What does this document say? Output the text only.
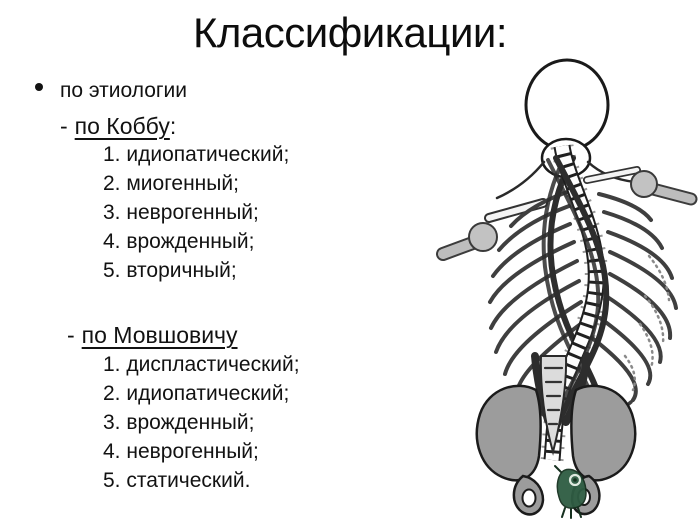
Классификации:
по этиологии
- по Коббу:
1. идиопатический;
2. миогенный;
3. неврогенный;
4. врожденный;
5. вторичный;
- по Мовшовичу
1. диспластический;
2. идиопатический;
3. врожденный;
4. неврогенный;
5. статический.
